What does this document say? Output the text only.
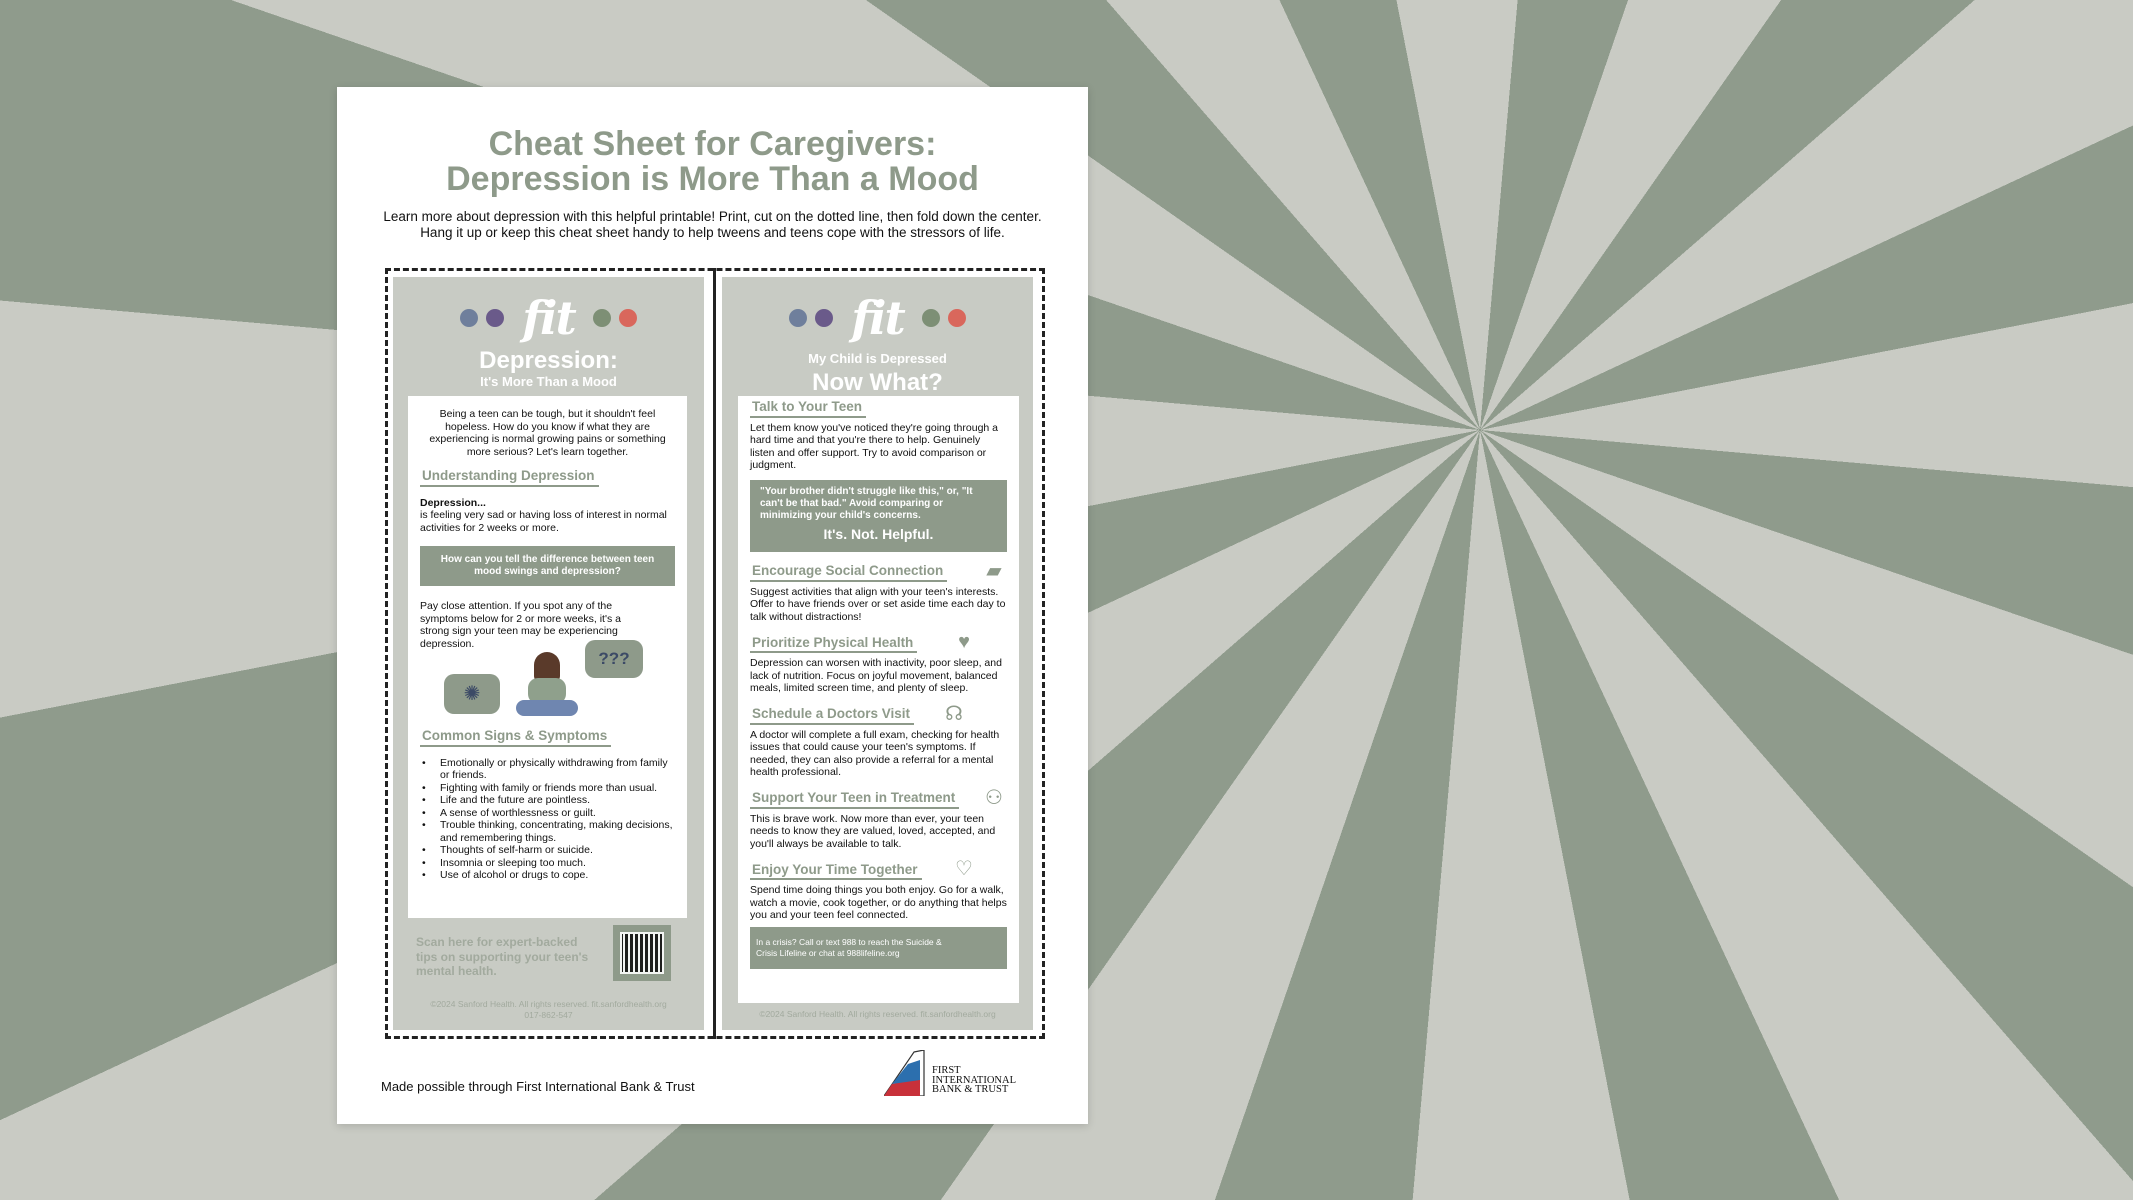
Cheat Sheet for Caregivers:
Depression is More Than a Mood
Learn more about depression with this helpful printable! Print, cut on the dotted line, then fold down the center. Hang it up or keep this cheat sheet handy to help tweens and teens cope with the stressors of life.
fit
Depression:
It's More Than a Mood

Being a teen can be tough, but it shouldn't feel hopeless. How do you know if what they are experiencing is normal growing pains or something more serious? Let's learn together.

Understanding Depression

Depression...

is feeling very sad or having loss of interest in normal activities for 2 weeks or more.

How can you tell the difference between teen mood swings and depression?

Pay close attention. If you spot any of the symptoms below for 2 or more weeks, it's a strong sign your teen may be experiencing depression.

✺
???
Common Signs & Symptoms
• Emotionally or physically withdrawing from family or friends.
• Fighting with family or friends more than usual.
• Life and the future are pointless.
• A sense of worthlessness or guilt.
• Trouble thinking, concentrating, making decisions, and remembering things.
• Thoughts of self-harm or suicide.
• Insomnia or sleeping too much.
• Use of alcohol or drugs to cope.
Scan here for expert-backed tips on supporting your teen's mental health.
©2024 Sanford Health. All rights reserved. fit.sanfordhealth.org
017-862-547
fit
My Child is Depressed
Now What?
Talk to Your Teen

Let them know you've noticed they're going through a hard time and that you're there to help. Genuinely listen and offer support. Try to avoid comparison or judgment.

"Your brother didn't struggle like this," or, "It can't be that bad." Avoid comparing or minimizing your child's concerns.

It's. Not. Helpful.

Encourage Social Connection ▰

Suggest activities that align with your teen's interests. Offer to have friends over or set aside time each day to talk without distractions!

Prioritize Physical Health	♥

Depression can worsen with inactivity, poor sleep, and lack of nutrition. Focus on joyful movement, balanced meals, limited screen time, and plenty of sleep.

Schedule a Doctors Visit ☊

A doctor will complete a full exam, checking for health issues that could cause your teen's symptoms. If needed, they can also provide a referral for a mental health professional.

Support Your Teen in Treatment ⚇

This is brave work. Now more than ever, your teen needs to know they are valued, loved, accepted, and you'll always be available to talk.

Enjoy Your Time Together ♡

Spend time doing things you both enjoy. Go for a walk, watch a movie, cook together, or do anything that helps you and your teen feel connected.

In a crisis? Call or text 988 to reach the Suicide & Crisis Lifeline or chat at 988lifeline.org
©2024 Sanford Health. All rights reserved. fit.sanfordhealth.org
Made possible through First International Bank & Trust
FIRST
INTERNATIONAL
BANK & TRUST
